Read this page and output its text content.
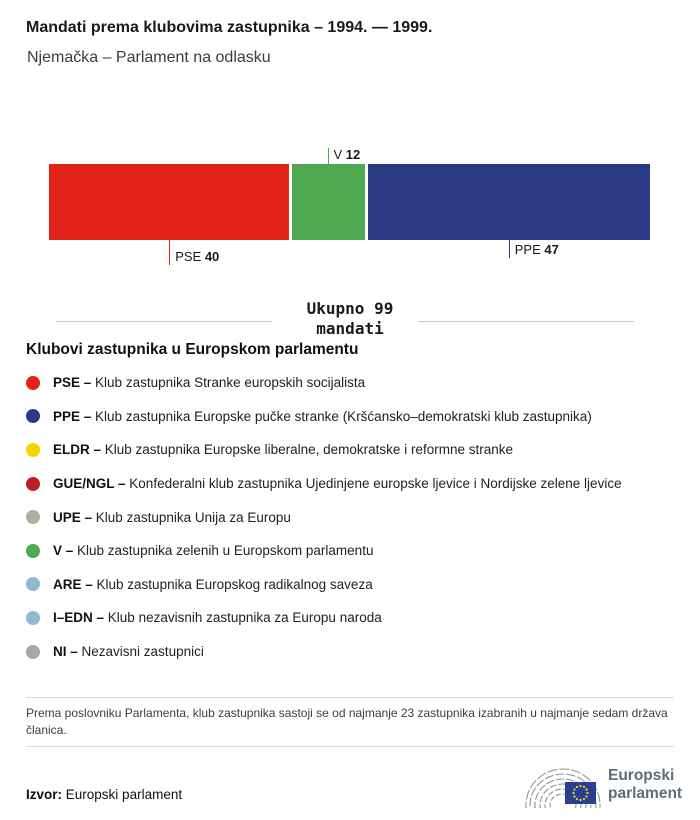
Mandati prema klubovima zastupnika – 1994. — 1999.
Njemačka – Parlament na odlasku
PSE 40
V 12
PPE 47
Ukupno 99
mandati
Klubovi zastupnika u Europskom parlamentu
PSE – Klub zastupnika Stranke europskih socijalista
PPE – Klub zastupnika Europske pučke stranke (Kršćansko–demokratski klub zastupnika)
ELDR – Klub zastupnika Europske liberalne, demokratske i reformne stranke
GUE/NGL – Konfederalni klub zastupnika Ujedinjene europske ljevice i Nordijske zelene ljevice
UPE – Klub zastupnika Unija za Europu
V – Klub zastupnika zelenih u Europskom parlamentu
ARE – Klub zastupnika Europskog radikalnog saveza
I–EDN – Klub nezavisnih zastupnika za Europu naroda
NI – Nezavisni zastupnici
Prema poslovniku Parlamenta, klub zastupnika sastoji se od najmanje 23 zastupnika izabranih u najmanje sedam država članica.
Izvor: Europski parlament
Europski
parlament
